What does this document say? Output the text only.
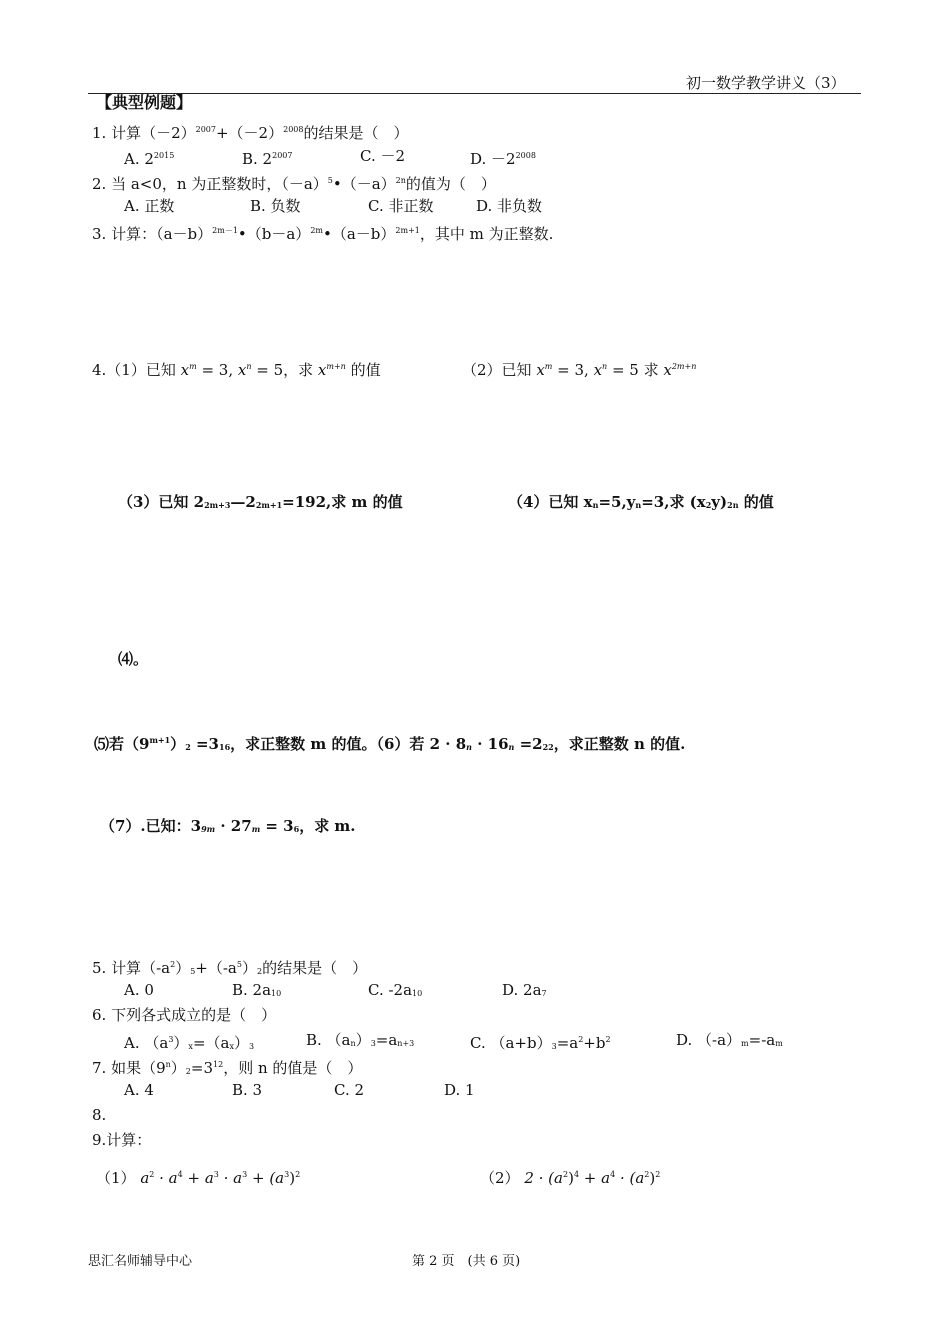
初一数学教学讲义（3）
【典型例题】
1. 计算$(-2)^{2007}+(-2)^{2008}$的结果是（　）
A. $2^{2015}$	B. $2^{2007}$	C. －2	D. $-2^{2008}$
2. 当 a<0，n 为正整数时，$(-a)^5•(-a)^{2n}$的值为（　）
A. 正数	B. 负数	C. 非正数	D. 非负数
3. 计算：$(a-b)^{2m-1}•(b-a)^{2m}•(a-b)^{2m+1}$，其中 m 为正整数.
4.（1）已知 $x^m = 3$, $x^n = 5$，求 $x^{m+n}$ 的值	（2）已知 $x^m = 3$, $x^n = 5$ 求 $x^{2m+n}$
（3）已知 22m+3—22m+1=192,求 m 的值	（4）已知 xn=5,yn=3,求 (x2y)2n 的值
⑷。
⑸若$(9^{m+1})2 =316$，求正整数 m 的值。（6）若 2 · 8n · 16n =222，求正整数 n 的值.
（7）.已知：39m · 27m = 36，求 m.
5. 计算$(-a^2)5+(-a^5)2$的结果是（　）
A. 0	B. 2a10	C. -2a10	D. 2a7
6. 下列各式成立的是（　）
A. $(a^3)x=(ax)3$	B. （an）3=an+3	C. $(a+b)3=a^2+b^2$	D. （-a）m=-am
7. 如果$(9^n)2=3^{12}$，则 n 的值是（　）
A. 4	B. 3	C. 2	D. 1
8.
9.计算：
（1） $a^2 \cdot a^4 + a^3 \cdot a^3 + (a^3)^2$	（2） $2 \cdot (a^2)^4 + a^4 \cdot (a^2)^2$
思汇名师辅导中心	第 2 页　(共 6 页)
